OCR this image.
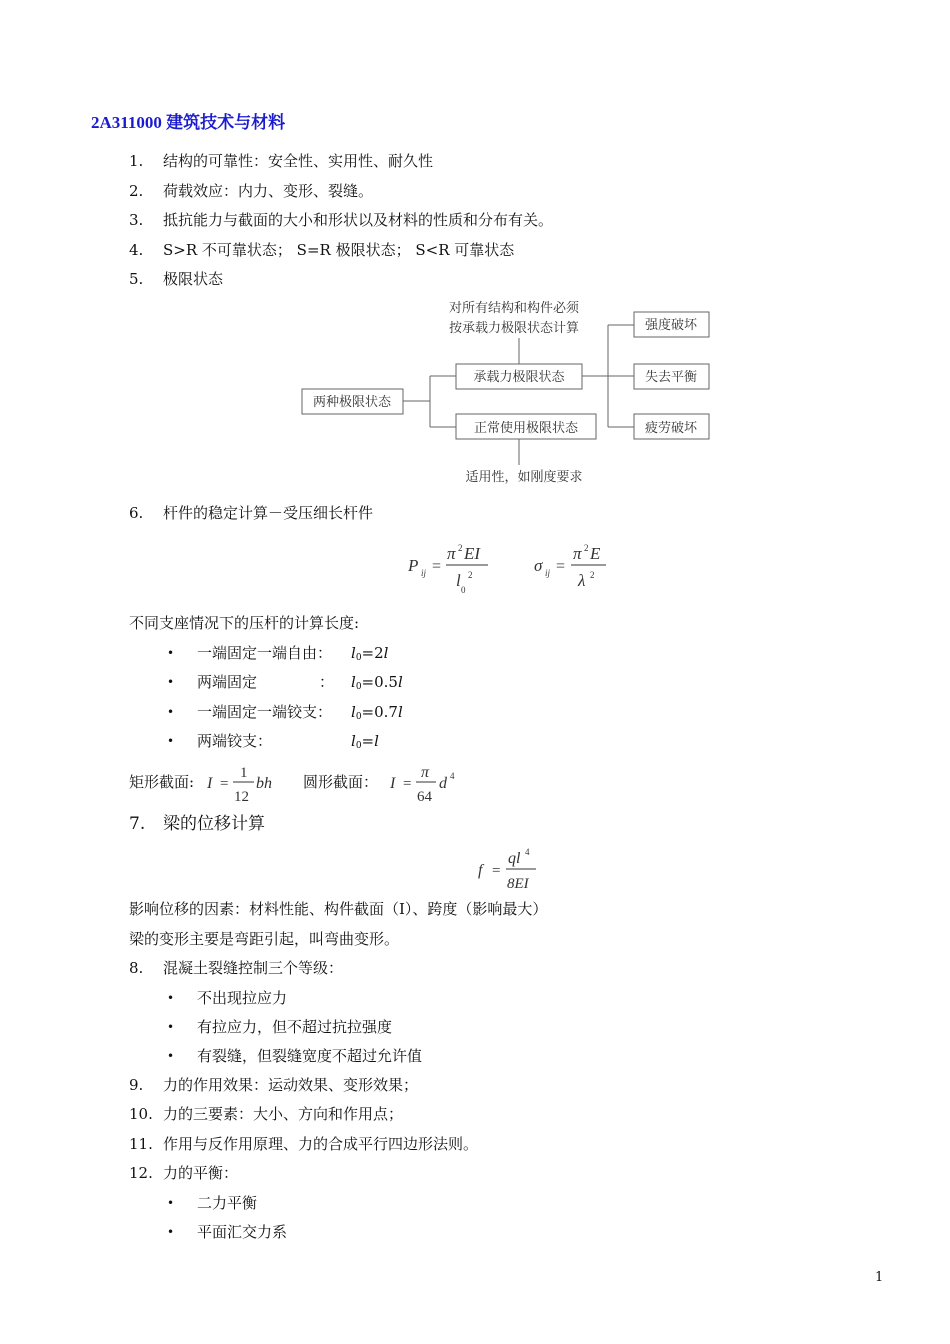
2A311000 建筑技术与材料
1. 结构的可靠性：安全性、实用性、耐久性
2. 荷载效应：内力、变形、裂缝。
3. 抵抗能力与截面的大小和形状以及材料的性质和分布有关。
4. S>R 不可靠状态； S=R 极限状态； S<R 可靠状态
5. 极限状态
对所有结构和构件必须
按承载力极限状态计算
两种极限状态
承载力极限状态
正常使用极限状态
强度破坏
失去平衡
疲劳破坏
适用性，如刚度要求
6. 杆件的稳定计算－受压细长杆件
P ij =
π 2 EI
l 0
2	σ ij =
π 2 E
λ 2
不同支座情况下的压杆的计算长度:
• 一端固定一端自由： $l_0=2l$
• 两端固定             ： $l_0=0.5l$
• 一端固定一端铰支： $l_0=0.7l$
• 两端铰支：	$l_0=l$
矩形截面: I =
1
12
bh 圆形截面： I =
π
64
d 4
7. 梁的位移计算
f =
ql 4
8EI
影响位移的因素：材料性能、构件截面（I）、跨度（影响最大）
梁的变形主要是弯距引起，叫弯曲变形。
8. 混凝土裂缝控制三个等级：
• 不出现拉应力
• 有拉应力，但不超过抗拉强度
• 有裂缝，但裂缝宽度不超过允许值
9. 力的作用效果：运动效果、变形效果；
10. 力的三要素：大小、方向和作用点；
11. 作用与反作用原理、力的合成平行四边形法则。
12. 力的平衡：
• 二力平衡
• 平面汇交力系
1
